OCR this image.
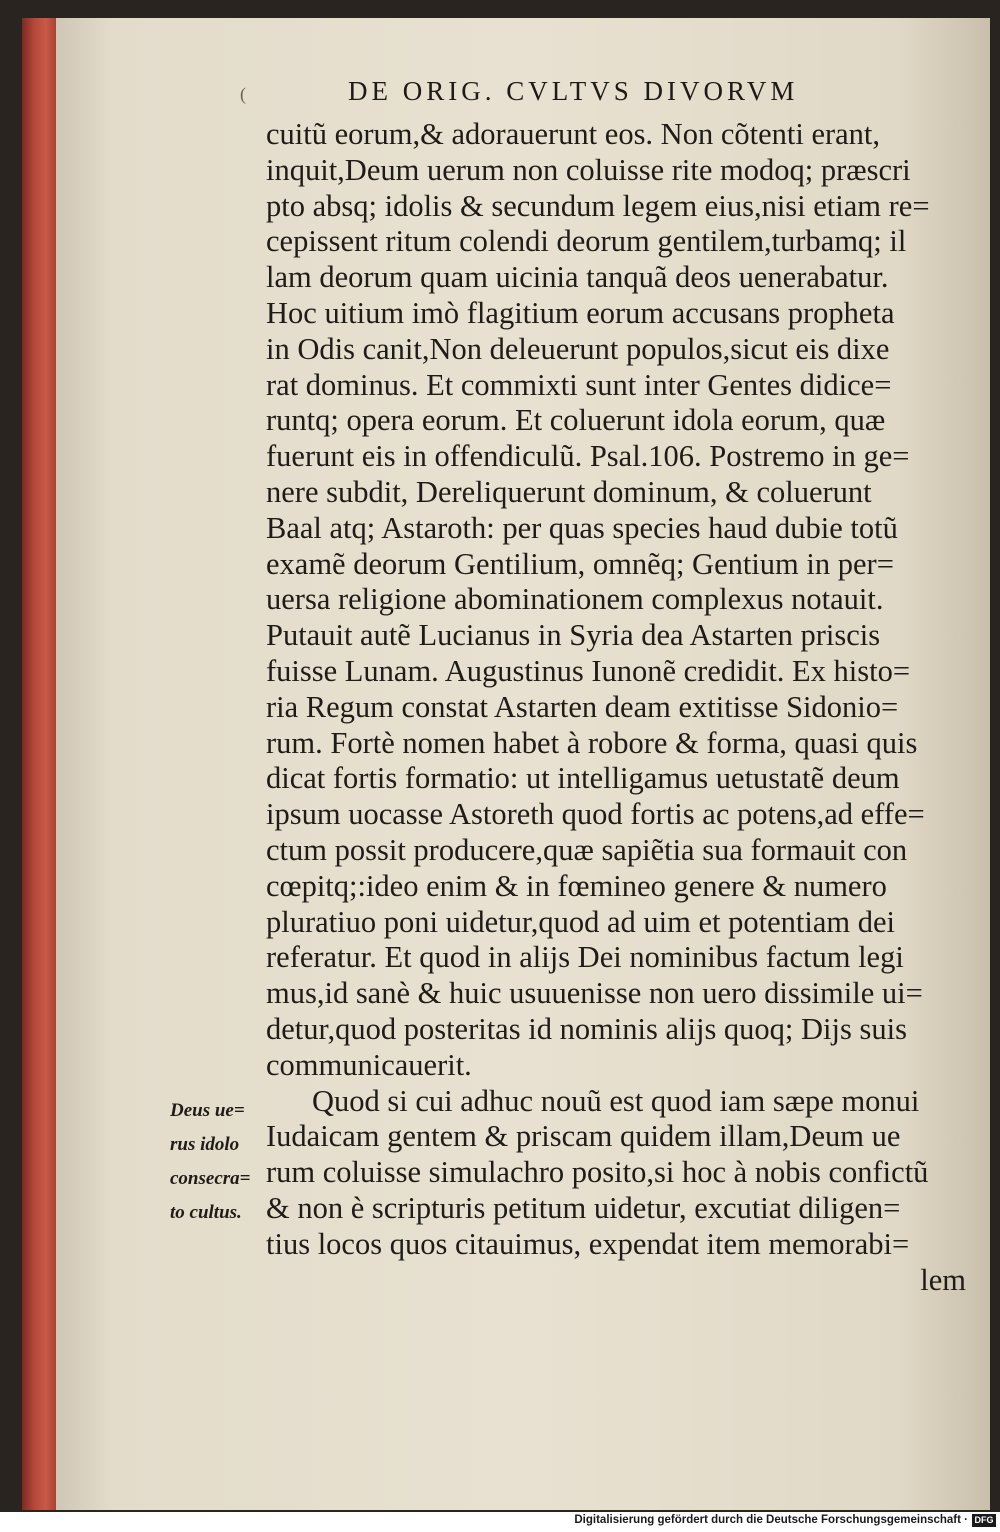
(	DE ORIG. CVLTVS DIVORVM
cuitũ eorum,& adorauerunt eos. Non cõtenti erant,
inquit,Deum uerum non coluisse rite modoq; præscri
pto absq; idolis & secundum legem eius,nisi etiam re=
cepissent ritum colendi deorum gentilem,turbamq; il
lam deorum quam uicinia tanquã deos uenerabatur.
Hoc uitium imò flagitium eorum accusans propheta
in Odis canit,Non deleuerunt populos,sicut eis dixe
rat dominus. Et commixti sunt inter Gentes didice=
runtq; opera eorum. Et coluerunt idola eorum, quæ
fuerunt eis in offendiculũ. Psal.106. Postremo in ge=
nere subdit, Dereliquerunt dominum, & coluerunt
Baal atq; Astaroth: per quas species haud dubie totũ
examẽ deorum Gentilium, omnẽq; Gentium in per=
uersa religione abominationem complexus notauit.
Putauit autẽ Lucianus in Syria dea Astarten priscis
fuisse Lunam. Augustinus Iunonẽ credidit. Ex histo=
ria Regum constat Astarten deam extitisse Sidonio=
rum. Fortè nomen habet à robore & forma, quasi quis
dicat fortis formatio: ut intelligamus uetustatẽ deum
ipsum uocasse Astoreth quod fortis ac potens,ad effe=
ctum possit producere,quæ sapiẽtia sua formauit con
cœpitq;:ideo enim & in fœmineo genere & numero
pluratiuo poni uidetur,quod ad uim et potentiam dei
referatur. Et quod in alijs Dei nominibus factum legi
mus,id sanè & huic usuuenisse non uero dissimile ui=
detur,quod posteritas id nominis alijs quoq; Dijs suis
communicauerit.
Quod si cui adhuc nouũ est quod iam sæpe monui
Iudaicam gentem & priscam quidem illam,Deum ue
rum coluisse simulachro posito,si hoc à nobis confictũ
& non è scripturis petitum uidetur, excutiat diligen=
tius locos quos citauimus, expendat item memorabi=
lem
Deus ue=
rus idolo
consecra=
to cultus.
Digitalisierung gefördert durch die Deutsche Forschungsgemeinschaft · DFG
